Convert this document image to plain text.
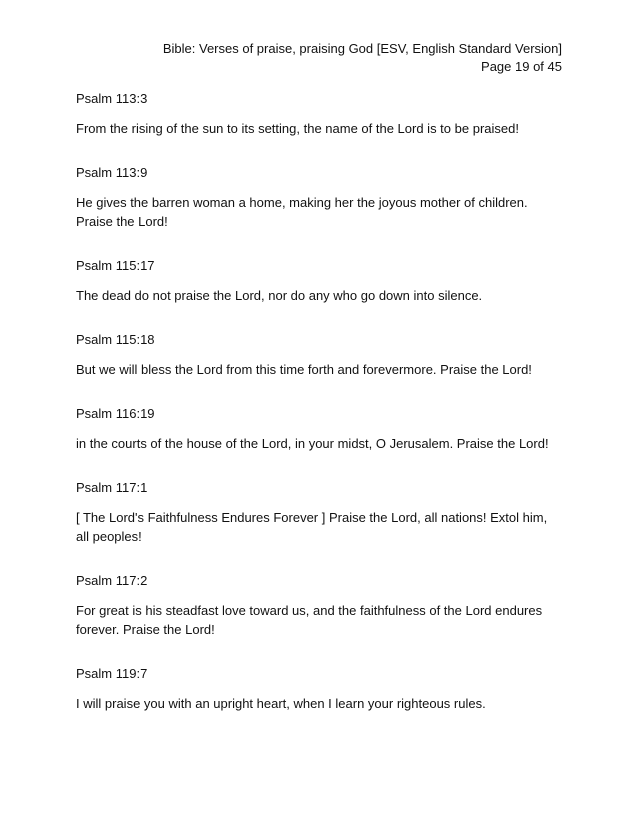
Bible: Verses of praise, praising God [ESV, English Standard Version]
Page 19 of 45
Psalm 113:3
From the rising of the sun to its setting, the name of the Lord is to be praised!
Psalm 113:9
He gives the barren woman a home, making her the joyous mother of children. Praise the Lord!
Psalm 115:17
The dead do not praise the Lord, nor do any who go down into silence.
Psalm 115:18
But we will bless the Lord from this time forth and forevermore. Praise the Lord!
Psalm 116:19
in the courts of the house of the Lord, in your midst, O Jerusalem. Praise the Lord!
Psalm 117:1
[ The Lord's Faithfulness Endures Forever ] Praise the Lord, all nations! Extol him, all peoples!
Psalm 117:2
For great is his steadfast love toward us, and the faithfulness of the Lord endures forever. Praise the Lord!
Psalm 119:7
I will praise you with an upright heart, when I learn your righteous rules.
